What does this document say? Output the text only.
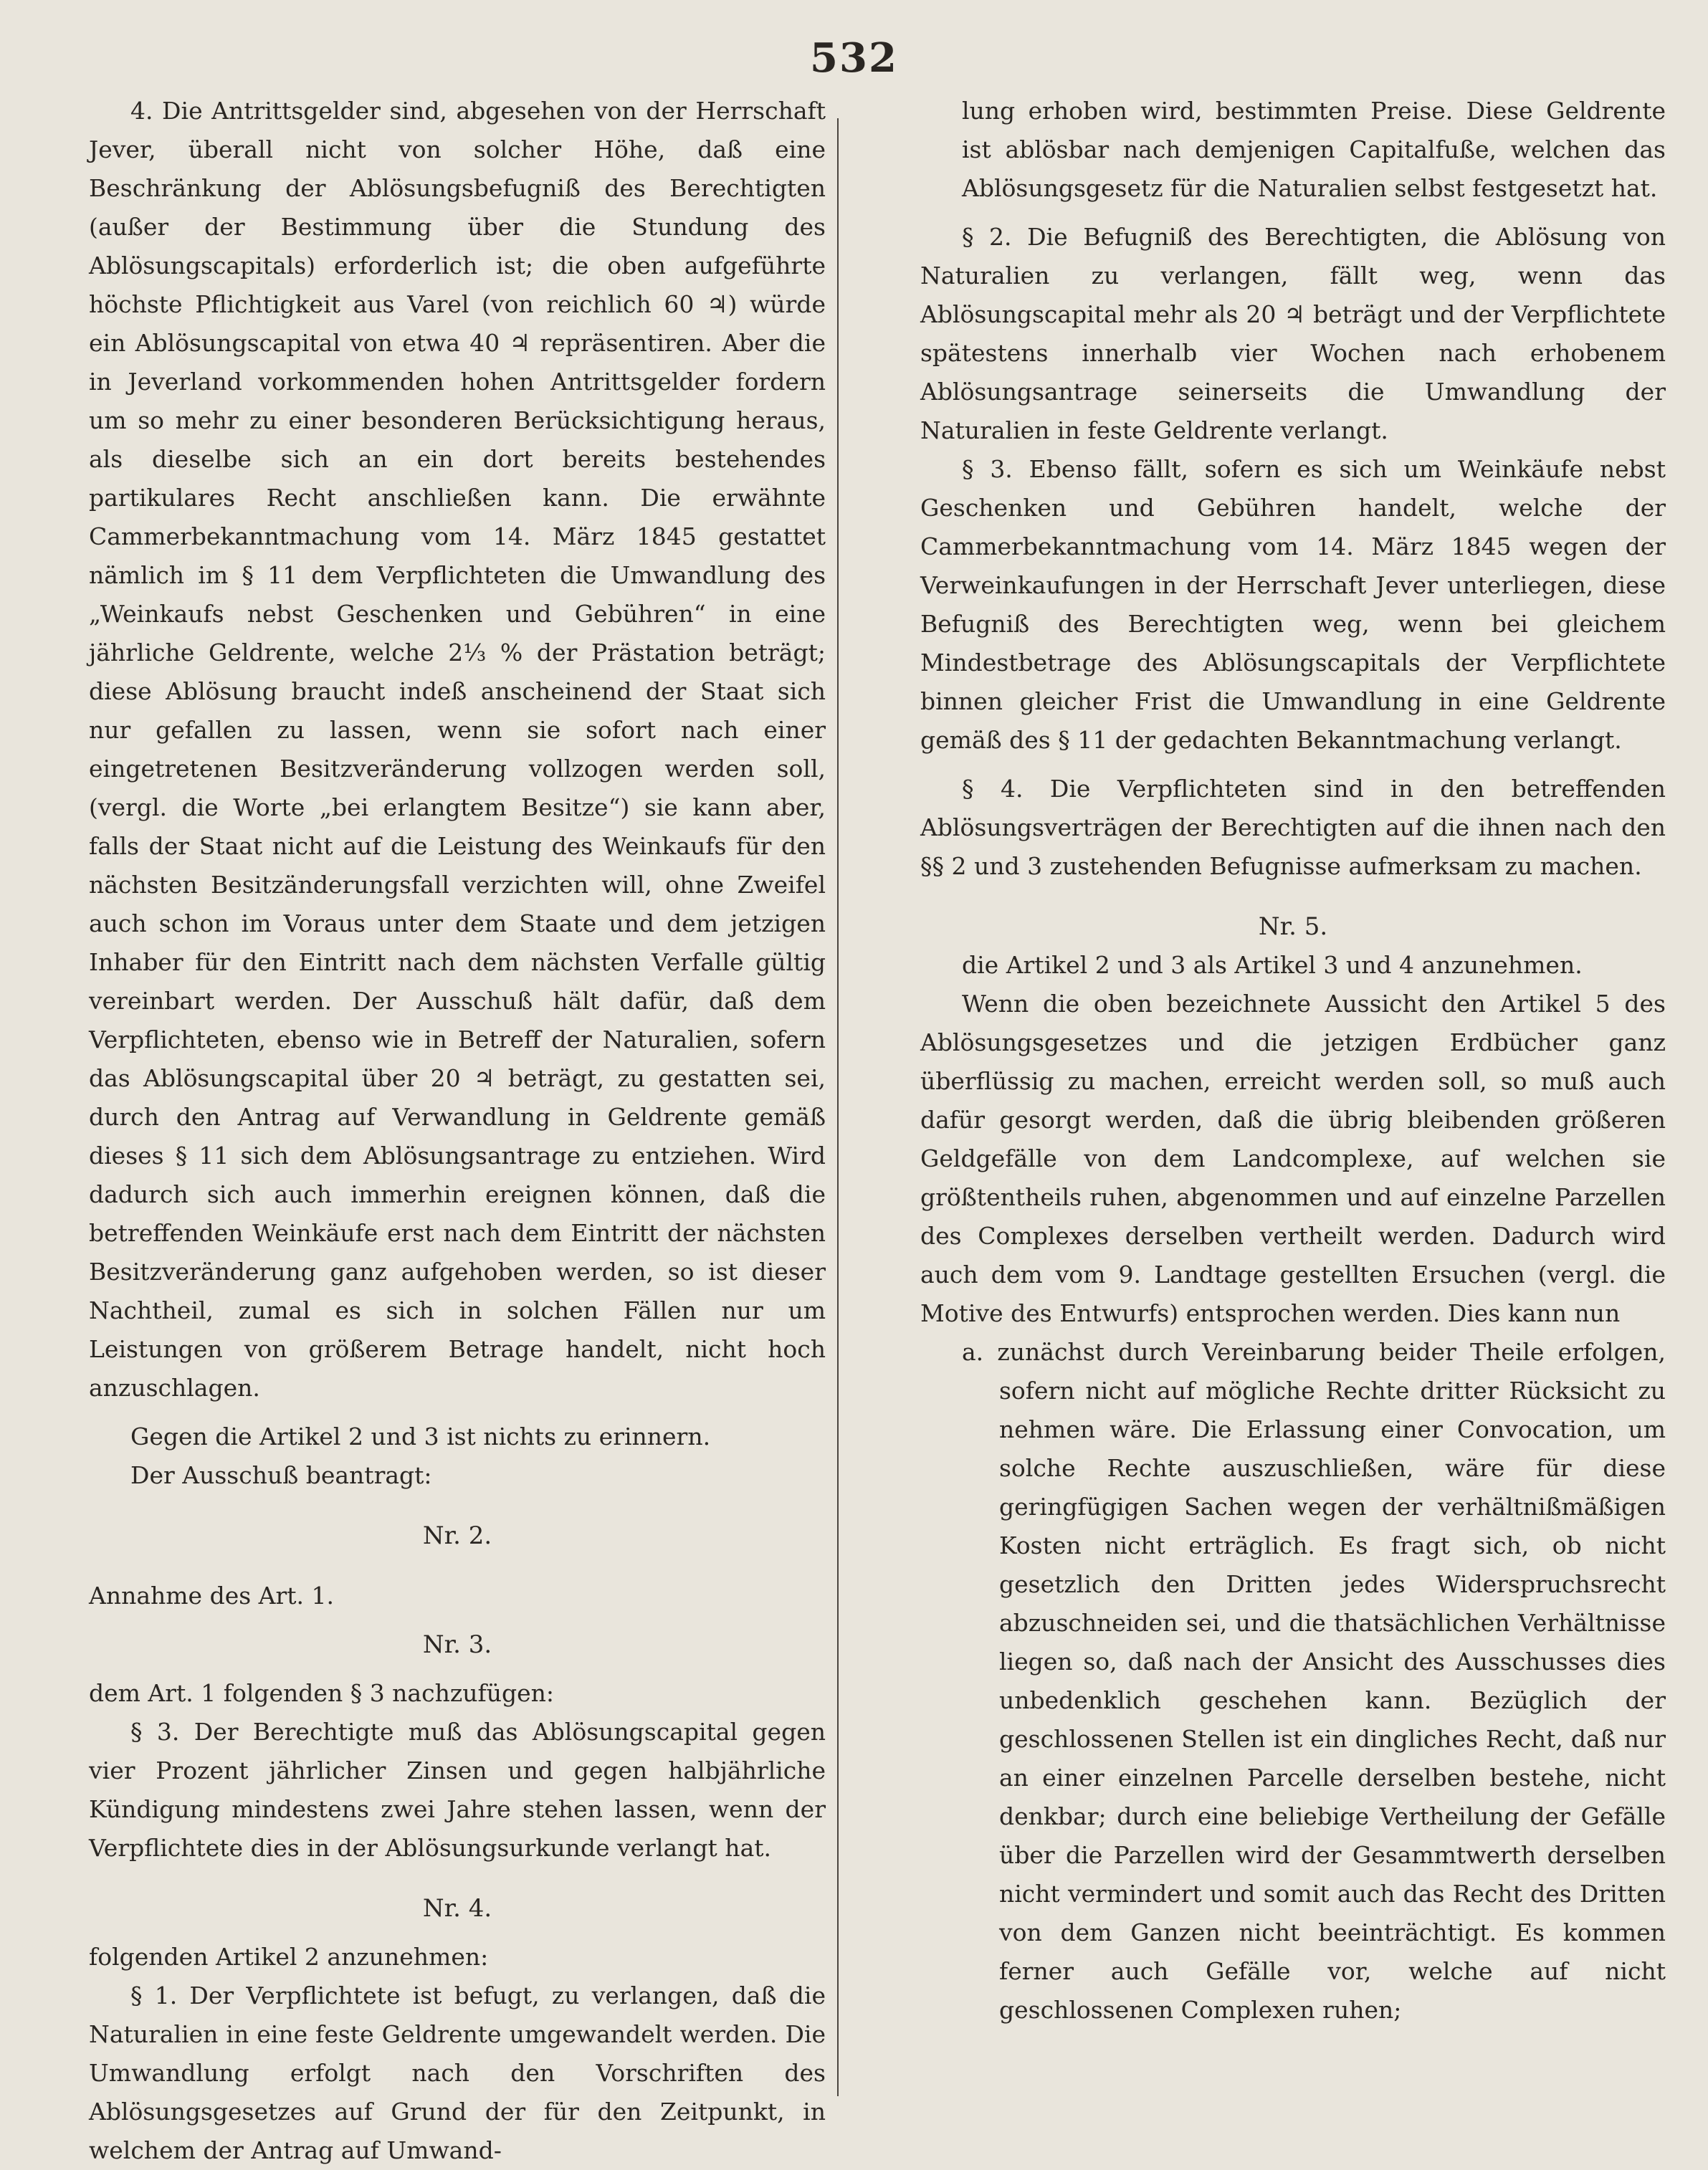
532

4. Die Antrittsgelder sind, abgesehen von der Herrschaft Jever, überall nicht von solcher Höhe, daß eine Beschränkung der Ablösungsbefugniß des Berechtigten (außer der Bestimmung über die Stundung des Ablösungscapitals) erforderlich ist; die oben aufgeführte höchste Pflichtigkeit aus Varel (von reichlich 60 ♃) würde ein Ablösungscapital von etwa 40 ♃ repräsentiren. Aber die in Jeverland vorkommenden hohen Antrittsgelder fordern um so mehr zu einer besonderen Berücksichtigung heraus, als dieselbe sich an ein dort bereits bestehendes partikulares Recht anschließen kann. Die erwähnte Cammerbekanntmachung vom 14. März 1845 gestattet nämlich im § 11 dem Verpflichteten die Umwandlung des „Weinkaufs nebst Geschenken und Gebühren“ in eine jährliche Geldrente, welche 2⅓ % der Prästation beträgt; diese Ablösung braucht indeß anscheinend der Staat sich nur gefallen zu lassen, wenn sie sofort nach einer eingetretenen Besitzveränderung vollzogen werden soll, (vergl. die Worte „bei erlangtem Besitze“) sie kann aber, falls der Staat nicht auf die Leistung des Weinkaufs für den nächsten Besitzänderungsfall verzichten will, ohne Zweifel auch schon im Voraus unter dem Staate und dem jetzigen Inhaber für den Eintritt nach dem nächsten Verfalle gültig vereinbart werden. Der Ausschuß hält dafür, daß dem Verpflichteten, ebenso wie in Betreff der Naturalien, sofern das Ablösungscapital über 20 ♃ beträgt, zu gestatten sei, durch den Antrag auf Verwandlung in Geldrente gemäß dieses § 11 sich dem Ablösungsantrage zu entziehen. Wird dadurch sich auch immerhin ereignen können, daß die betreffenden Weinkäufe erst nach dem Eintritt der nächsten Besitzveränderung ganz aufgehoben werden, so ist dieser Nachtheil, zumal es sich in solchen Fällen nur um Leistungen von größerem Betrage handelt, nicht hoch anzuschlagen.

Gegen die Artikel 2 und 3 ist nichts zu erinnern.

Der Ausschuß beantragt:

Nr. 2.

Annahme des Art. 1.

Nr. 3.

dem Art. 1 folgenden § 3 nachzufügen:

§ 3. Der Berechtigte muß das Ablösungscapital gegen vier Prozent jährlicher Zinsen und gegen halbjährliche Kündigung mindestens zwei Jahre stehen lassen, wenn der Verpflichtete dies in der Ablösungsurkunde verlangt hat.

Nr. 4.

folgenden Artikel 2 anzunehmen:

§ 1. Der Verpflichtete ist befugt, zu verlangen, daß die Naturalien in eine feste Geldrente umgewandelt werden. Die Umwandlung erfolgt nach den Vorschriften des Ablösungsgesetzes auf Grund der für den Zeitpunkt, in welchem der Antrag auf Umwand-

lung erhoben wird, bestimmten Preise. Diese Geldrente ist ablösbar nach demjenigen Capitalfuße, welchen das Ablösungsgesetz für die Naturalien selbst festgesetzt hat.

§ 2. Die Befugniß des Berechtigten, die Ablösung von Naturalien zu verlangen, fällt weg, wenn das Ablösungscapital mehr als 20 ♃ beträgt und der Verpflichtete spätestens innerhalb vier Wochen nach erhobenem Ablösungsantrage seinerseits die Umwandlung der Naturalien in feste Geldrente verlangt.

§ 3. Ebenso fällt, sofern es sich um Weinkäufe nebst Geschenken und Gebühren handelt, welche der Cammerbekanntmachung vom 14. März 1845 wegen der Verweinkaufungen in der Herrschaft Jever unterliegen, diese Befugniß des Berechtigten weg, wenn bei gleichem Mindestbetrage des Ablösungscapitals der Verpflichtete binnen gleicher Frist die Umwandlung in eine Geldrente gemäß des § 11 der gedachten Bekanntmachung verlangt.

§ 4. Die Verpflichteten sind in den betreffenden Ablösungsverträgen der Berechtigten auf die ihnen nach den §§ 2 und 3 zustehenden Befugnisse aufmerksam zu machen.

Nr. 5.

die Artikel 2 und 3 als Artikel 3 und 4 anzunehmen.

Wenn die oben bezeichnete Aussicht den Artikel 5 des Ablösungsgesetzes und die jetzigen Erdbücher ganz überflüssig zu machen, erreicht werden soll, so muß auch dafür gesorgt werden, daß die übrig bleibenden größeren Geldgefälle von dem Landcomplexe, auf welchen sie größtentheils ruhen, abgenommen und auf einzelne Parzellen des Complexes derselben vertheilt werden. Dadurch wird auch dem vom 9. Landtage gestellten Ersuchen (vergl. die Motive des Entwurfs) entsprochen werden. Dies kann nun

a. zunächst durch Vereinbarung beider Theile erfolgen, sofern nicht auf mögliche Rechte dritter Rücksicht zu nehmen wäre. Die Erlassung einer Convocation, um solche Rechte auszuschließen, wäre für diese geringfügigen Sachen wegen der verhältnißmäßigen Kosten nicht erträglich. Es fragt sich, ob nicht gesetzlich den Dritten jedes Widerspruchsrecht abzuschneiden sei, und die thatsächlichen Verhältnisse liegen so, daß nach der Ansicht des Ausschusses dies unbedenklich geschehen kann. Bezüglich der geschlossenen Stellen ist ein dingliches Recht, daß nur an einer einzelnen Parcelle derselben bestehe, nicht denkbar; durch eine beliebige Vertheilung der Gefälle über die Parzellen wird der Gesammtwerth derselben nicht vermindert und somit auch das Recht des Dritten von dem Ganzen nicht beeinträchtigt. Es kommen ferner auch Gefälle vor, welche auf nicht geschlossenen Complexen ruhen;
